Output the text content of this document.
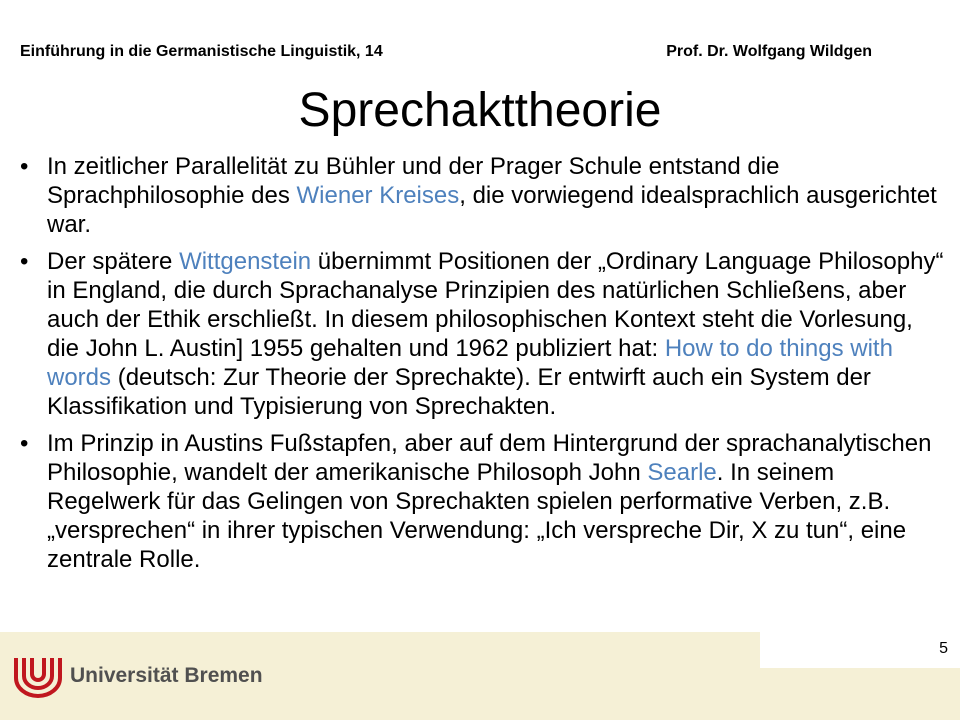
Einführung in die Germanistische Linguistik, 14	Prof. Dr. Wolfgang Wildgen
Sprechakttheorie
• In zeitlicher Parallelität zu Bühler und der Prager Schule entstand die Sprachphilosophie des Wiener Kreises, die vorwiegend idealsprachlich ausgerichtet war.
• Der spätere Wittgenstein übernimmt Positionen der „Ordinary Language Philosophy“ in England, die durch Sprachanalyse Prinzipien des natürlichen Schließens, aber auch der Ethik erschließt. In diesem philosophischen Kontext steht die Vorlesung, die John L. Austin] 1955 gehalten und 1962 publiziert hat: How to do things with words (deutsch: Zur Theorie der Sprechakte). Er entwirft auch ein System der Klassifikation und Typisierung von Sprechakten.
• Im Prinzip in Austins Fußstapfen, aber auf dem Hintergrund der sprachanalytischen Philosophie, wandelt der amerikanische Philosoph John Searle. In seinem Regelwerk für das Gelingen von Sprechakten spielen performative Verben, z.B. „versprechen“ in ihrer typischen Verwendung: „Ich verspreche Dir, X zu tun“, eine zentrale Rolle.
5
Universität Bremen
